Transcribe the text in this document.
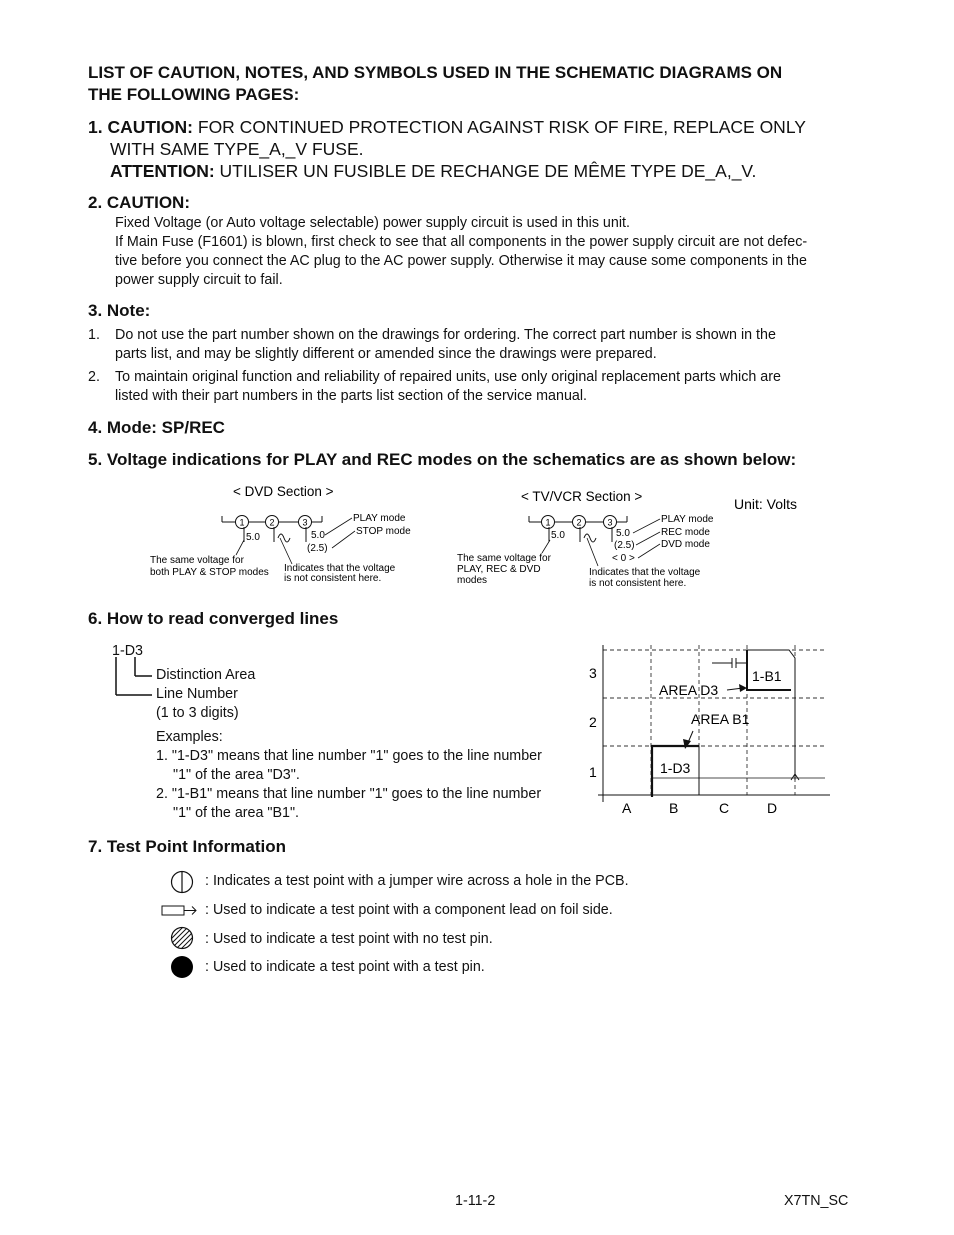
LIST OF CAUTION, NOTES, AND SYMBOLS USED IN THE SCHEMATIC DIAGRAMS ON
THE FOLLOWING PAGES:
1. CAUTION: FOR CONTINUED PROTECTION AGAINST RISK OF FIRE, REPLACE ONLY
WITH SAME TYPE_A,_V FUSE.
ATTENTION: UTILISER UN FUSIBLE DE RECHANGE DE MÊME TYPE DE_A,_V.
2. CAUTION:
Fixed Voltage (or Auto voltage selectable) power supply circuit is used in this unit.
If Main Fuse (F1601) is blown, first check to see that all components in the power supply circuit are not defec-
tive before you connect the AC plug to the AC power supply. Otherwise it may cause some components in the
power supply circuit to fail.
3. Note:
1. Do not use the part number shown on the drawings for ordering. The correct part number is shown in the
parts list, and may be slightly different or amended since the drawings were prepared.
2. To maintain original function and reliability of repaired units, use only original replacement parts which are
listed with their part numbers in the parts list section of the service manual.
4. Mode: SP/REC
5. Voltage indications for PLAY and REC modes on the schematics are as shown below:
< DVD Section >
1	2	3
5.0	5.0
(2.5)
PLAY mode
STOP mode
The same voltage for
both PLAY & STOP modes Indicates that the voltage
is not consistent here.
< TV/VCR Section >
1	2	3
5.0	5.0
(2.5)
< 0 >
PLAY mode
REC mode
DVD mode
The same voltage for
PLAY, REC & DVD
modes
Indicates that the voltage
is not consistent here.
Unit: Volts
6. How to read converged lines
1-D3
Distinction Area
Line Number
(1 to 3 digits)
Examples:
1. "1-D3" means that line number "1" goes to the line number
"1" of the area "D3".
2. "1-B1" means that line number "1" goes to the line number
"1" of the area "B1".
3
2
1
A	B	C	D
1-B1
AREA D3
AREA B1
1-D3
7. Test Point Information
: Indicates a test point with a jumper wire across a hole in the PCB.
: Used to indicate a test point with a component lead on foil side.
: Used to indicate a test point with no test pin.
: Used to indicate a test point with a test pin.
1-11-2	X7TN_SC
